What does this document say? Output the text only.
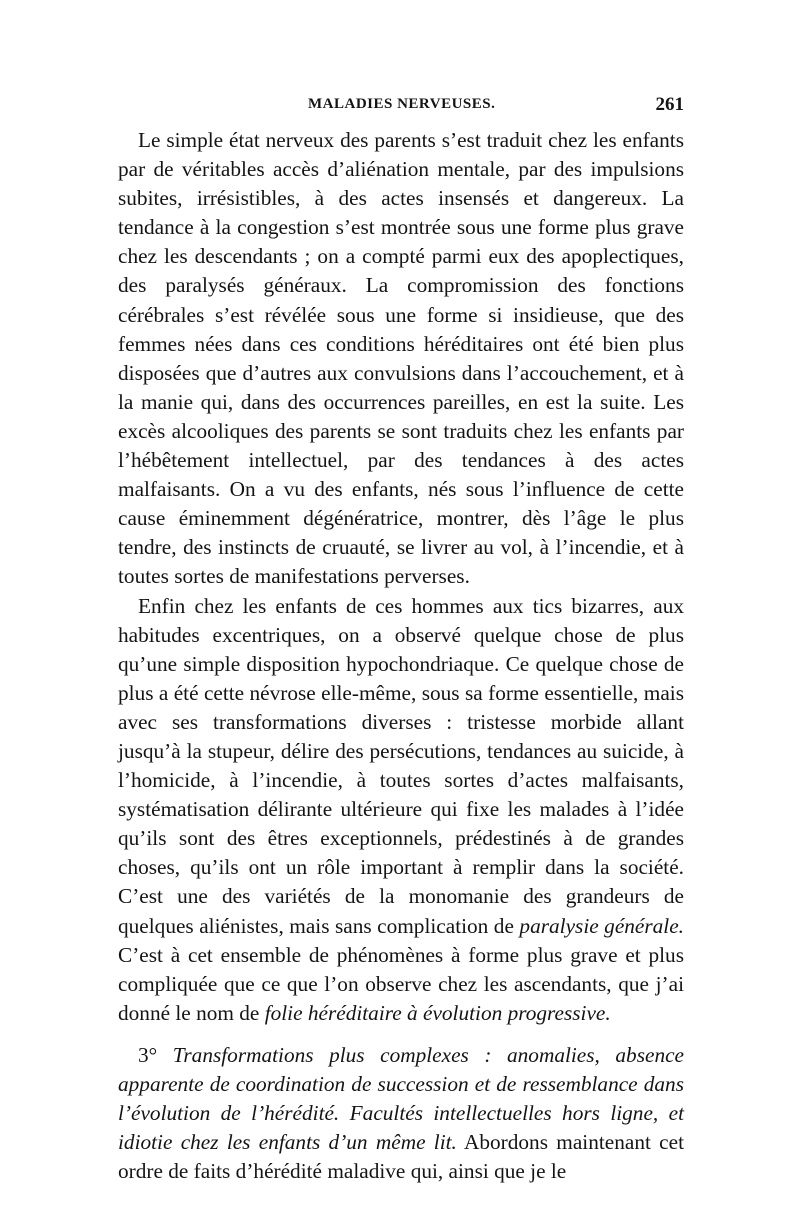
MALADIES NERVEUSES.	261

Le simple état nerveux des parents s’est traduit chez les enfants par de véritables accès d’aliénation mentale, par des impulsions subites, irrésistibles, à des actes insensés et dangereux. La tendance à la congestion s’est montrée sous une forme plus grave chez les descendants ; on a compté parmi eux des apoplectiques, des paralysés généraux. La compromission des fonctions cérébrales s’est révélée sous une forme si insidieuse, que des femmes nées dans ces conditions héréditaires ont été bien plus disposées que d’autres aux convulsions dans l’accouchement, et à la manie qui, dans des occurrences pareilles, en est la suite. Les excès alcooliques des parents se sont traduits chez les enfants par l’hébêtement intellectuel, par des tendances à des actes malfaisants. On a vu des enfants, nés sous l’influence de cette cause éminemment dégénératrice, montrer, dès l’âge le plus tendre, des instincts de cruauté, se livrer au vol, à l’incendie, et à toutes sortes de manifestations perverses.

Enfin chez les enfants de ces hommes aux tics bizarres, aux habitudes excentriques, on a observé quelque chose de plus qu’une simple disposition hypochondriaque. Ce quelque chose de plus a été cette névrose elle-même, sous sa forme essentielle, mais avec ses transformations diverses : tristesse morbide allant jusqu’à la stupeur, délire des persécutions, tendances au suicide, à l’homicide, à l’incendie, à toutes sortes d’actes malfaisants, systématisation délirante ultérieure qui fixe les malades à l’idée qu’ils sont des êtres exceptionnels, prédestinés à de grandes choses, qu’ils ont un rôle important à remplir dans la société. C’est une des variétés de la monomanie des grandeurs de quelques aliénistes, mais sans complication de paralysie générale. C’est à cet ensemble de phénomènes à forme plus grave et plus compliquée que ce que l’on observe chez les ascendants, que j’ai donné le nom de folie héréditaire à évolution progressive.

3° Transformations plus complexes : anomalies, absence apparente de coordination de succession et de ressemblance dans l’évolution de l’hérédité. Facultés intellectuelles hors ligne, et idiotie chez les enfants d’un même lit. Abordons maintenant cet ordre de faits d’hérédité maladive qui, ainsi que je le
